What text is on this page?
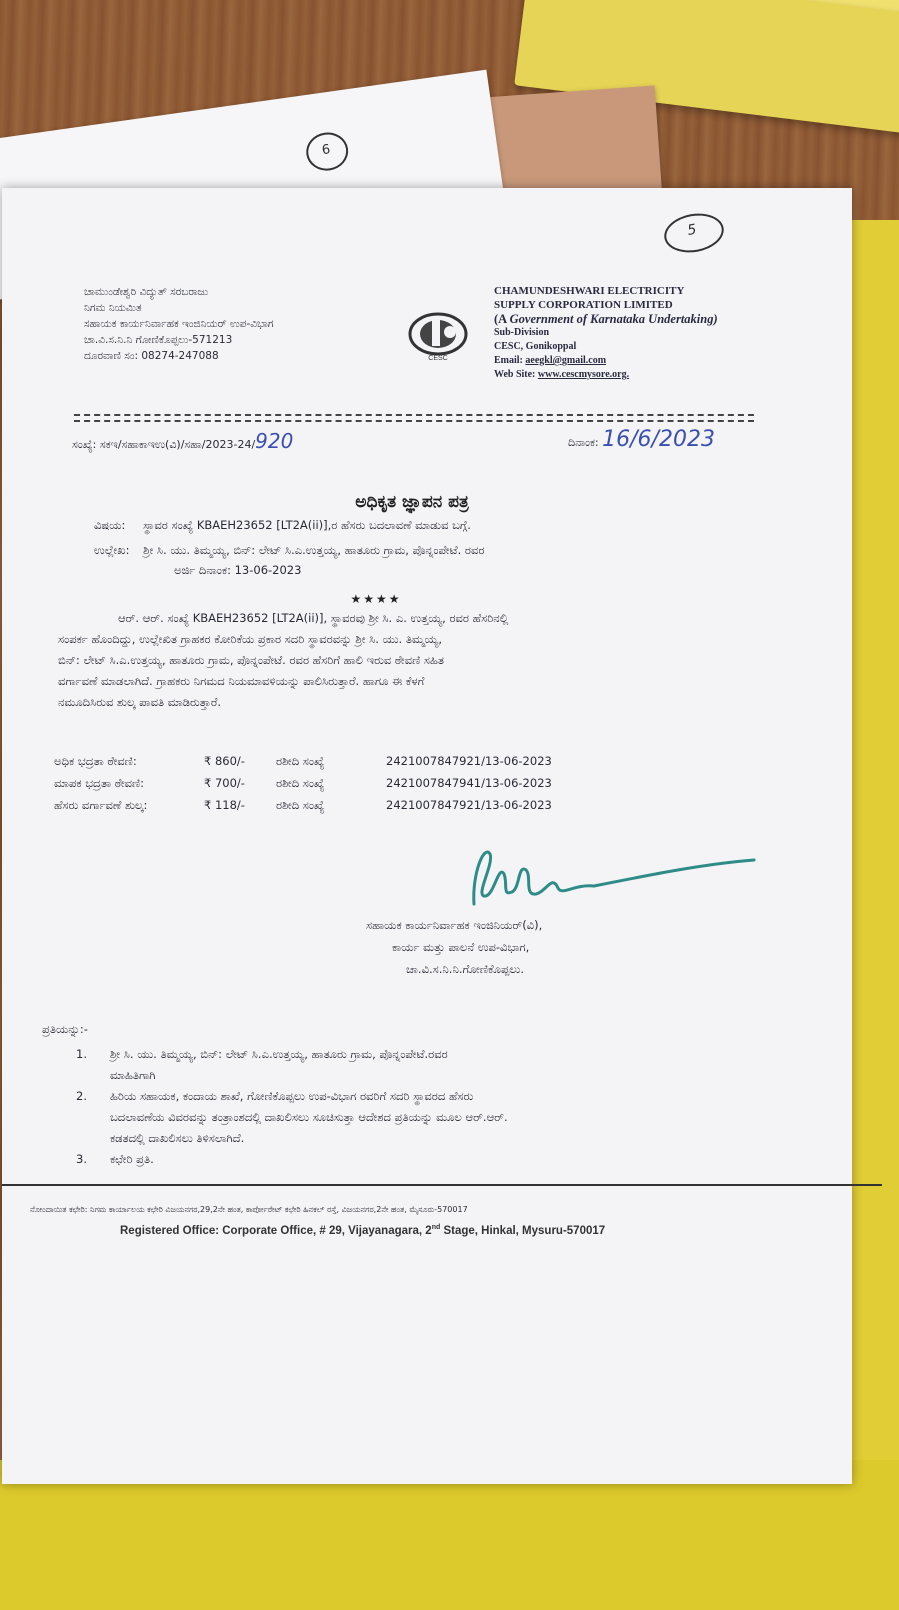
6
5
ಚಾಮುಂಡೇಶ್ವರಿ ವಿದ್ಯುತ್ ಸರಬರಾಜು
ನಿಗಮ ನಿಯಮಿತ
ಸಹಾಯಕ ಕಾರ್ಯನಿರ್ವಾಹಕ ಇಂಜಿನಿಯರ್ ಉಪ-ವಿಭಾಗ
ಚಾ.ವಿ.ಸ.ನಿ.ನಿ ಗೋಣಿಕೊಪ್ಪಲು-571213
ದೂರವಾಣಿ ಸಂ: 08274-247088	CESC
CHAMUNDESHWARI ELECTRICITY
SUPPLY CORPORATION LIMITED
(A Government of Karnataka Undertaking)
Sub-Division
CESC, Gonikoppal
Email: aeegkl@gmail.com
Web Site: www.cescmysore.org.
ಸಂಖ್ಯೆ: ಸಕಇ/ಸಹಾಕಾಇಉ(ವಿ)/ಸಹಾ/2023-24/920	ದಿನಾಂಕ: 16/6/2023
ಅಧಿಕೃತ ಜ್ಞಾಪನ ಪತ್ರ
ವಿಷಯ: ಸ್ಥಾವರ ಸಂಖ್ಯೆ KBAEH23652 [LT2A(ii)],ರ ಹೆಸರು ಬದಲಾವಣೆ ಮಾಡುವ ಬಗ್ಗೆ.
ಉಲ್ಲೇಖ: ಶ್ರೀ ಸಿ. ಯು. ತಿಮ್ಮಯ್ಯ, ಬಿನ್: ಲೇಟ್ ಸಿ.ಎ.ಉತ್ತಯ್ಯ, ಹಾತೂರು ಗ್ರಾಮ, ಪೊನ್ನಂಪೇಟೆ. ರವರ
ಅರ್ಜಿ ದಿನಾಂಕ: 13-06-2023
★★★★
ಆರ್. ಆರ್. ಸಂಖ್ಯೆ KBAEH23652 [LT2A(ii)], ಸ್ಥಾವರವು ಶ್ರೀ ಸಿ. ಎ. ಉತ್ತಯ್ಯ, ರವರ ಹೆಸರಿನಲ್ಲಿ
ಸಂಪರ್ಕ ಹೊಂದಿದ್ದು, ಉಲ್ಲೇಖಿತ ಗ್ರಾಹಕರ ಕೋರಿಕೆಯ ಪ್ರಕಾರ ಸದರಿ ಸ್ಥಾವರವನ್ನು ಶ್ರೀ ಸಿ. ಯು. ತಿಮ್ಮಯ್ಯ,
ಬಿನ್: ಲೇಟ್ ಸಿ.ಎ.ಉತ್ತಯ್ಯ, ಹಾತೂರು ಗ್ರಾಮ, ಪೊನ್ನಂಪೇಟೆ. ರವರ ಹೆಸರಿಗೆ ಹಾಲಿ ಇರುವ ಠೇವಣಿ ಸಹಿತ
ವರ್ಗಾವಣೆ ಮಾಡಲಾಗಿದೆ. ಗ್ರಾಹಕರು ನಿಗಮದ ನಿಯಮಾವಳಿಯನ್ನು ಪಾಲಿಸಿರುತ್ತಾರೆ. ಹಾಗೂ ಈ ಕೆಳಗೆ
ನಮೂದಿಸಿರುವ ಶುಲ್ಕ ಪಾವತಿ ಮಾಡಿರುತ್ತಾರೆ.
ಅಧಿಕ ಭದ್ರತಾ ಠೇವಣಿ:	₹ 860/-	ರಶೀದಿ ಸಂಖ್ಯೆ	2421007847921/13-06-2023
ಮಾಪಕ ಭದ್ರತಾ ಠೇವಣಿ:	₹ 700/-	ರಶೀದಿ ಸಂಖ್ಯೆ	2421007847941/13-06-2023
ಹೆಸರು ವರ್ಗಾವಣೆ ಶುಲ್ಕ:	₹ 118/-	ರಶೀದಿ ಸಂಖ್ಯೆ	2421007847921/13-06-2023
ಸಹಾಯಕ ಕಾರ್ಯನಿರ್ವಾಹಕ ಇಂಜಿನಿಯರ್(ವಿ),
ಕಾರ್ಯ ಮತ್ತು ಪಾಲನೆ ಉಪ-ವಿಭಾಗ,
ಚಾ.ವಿ.ಸ.ನಿ.ನಿ.ಗೋಣಿಕೊಪ್ಪಲು.
ಪ್ರತಿಯನ್ನು:-
1.	ಶ್ರೀ ಸಿ. ಯು. ತಿಮ್ಮಯ್ಯ, ಬಿನ್: ಲೇಟ್ ಸಿ.ಎ.ಉತ್ತಯ್ಯ, ಹಾತೂರು ಗ್ರಾಮ, ಪೊನ್ನಂಪೇಟೆ.ರವರ
ಮಾಹಿತಿಗಾಗಿ
2.	ಹಿರಿಯ ಸಹಾಯಕ, ಕಂದಾಯ ಶಾಖೆ, ಗೋಣಿಕೊಪ್ಪಲು ಉಪ-ವಿಭಾಗ ರವರಿಗೆ ಸದರಿ ಸ್ಥಾವರದ ಹೆಸರು
ಬದಲಾವಣೆಯ ವಿವರವನ್ನು ತಂತ್ರಾಂಶದಲ್ಲಿ ದಾಖಲಿಸಲು ಸೂಚಿಸುತ್ತಾ ಆದೇಶದ ಪ್ರತಿಯನ್ನು ಮೂಲ ಆರ್.ಆರ್.
ಕಡತದಲ್ಲಿ ದಾಖಲಿಸಲು ತಿಳಿಸಲಾಗಿದೆ.
3.	ಕಛೇರಿ ಪ್ರತಿ.
ನೋಂದಾಯಿತ ಕಛೇರಿ: ನಿಗಮ ಕಾರ್ಯಾಲಯ ಕಛೇರಿ ವಿಜಯನಗರ,29,2ನೇ ಹಂತ, ಕಾರ್ಪೋರೇಟ್ ಕಛೇರಿ ಹಿನಕಲ್ ರಸ್ತೆ, ವಿಜಯನಗರ,2ನೇ ಹಂತ, ಮೈಸೂರು-570017
Registered Office: Corporate Office, # 29, Vijayanagara, 2nd Stage, Hinkal, Mysuru-570017
